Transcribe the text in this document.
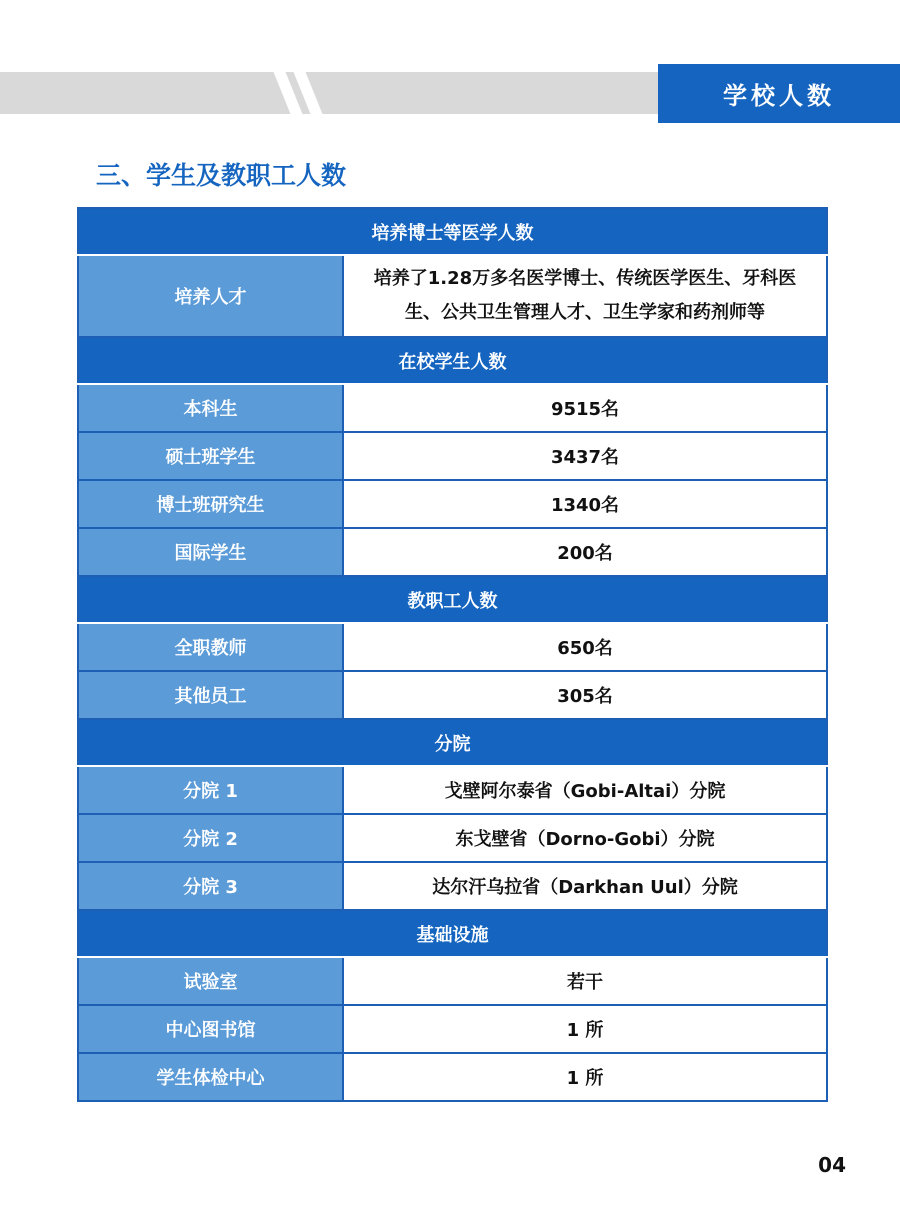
学校人数
三、学生及教职工人数
培养博士等医学人数	
培养人才	培养了1.28万多名医学博士、传统医学医生、牙科医生、公共卫生管理人才、卫生学家和药剂师等
在校学生人数	
本科生	9515名
硕士班学生	3437名
博士班研究生	1340名
国际学生	200名
教职工人数	
全职教师	650名
其他员工	305名
分院	
分院 1	戈壁阿尔泰省（Gobi-Altai）分院
分院 2	东戈壁省（Dorno-Gobi）分院
分院 3	达尔汗乌拉省（Darkhan Uul）分院
基础设施	
试验室	若干
中心图书馆	1 所
学生体检中心	1 所
04
